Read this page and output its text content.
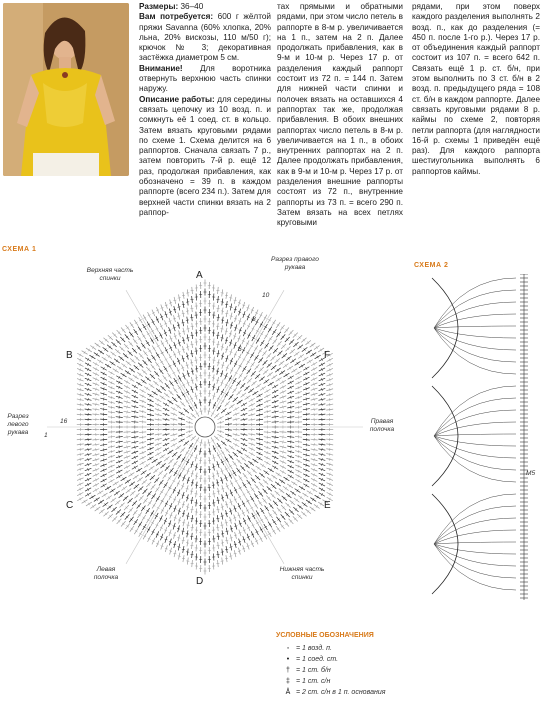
Размеры: 36–40

Вам потребуется: 600 г жёлтой пряжи Savanna (60% хлопка, 20% льна, 20% вискозы, 110 м/50 г); крючок № 3; декоративная застёжка диаметром 5 см.

Внимание! Для воротника отвернуть верхнюю часть спинки наружу.

Описание работы: для середины связать цепочку из 10 возд. п. и сомкнуть её 1 соед. ст. в кольцо. Затем вязать круговыми рядами по схеме 1. Схема делится на 6 раппортов. Сначала связать 7 р., затем повторить 7-й р. ещё 12 раз, продолжая прибавления, как обозначено = 39 п. в каждом раппорте (всего 234 п.). Затем для верхней части спинки вязать на 2 раппор-

тах прямыми и обратными рядами, при этом число петель в раппорте в 8-м р. увеличивается на 1 п., затем на 2 п. Далее продолжать прибавления, как в 9-м и 10-м р. Через 17 р. от разделения каждый раппорт состоит из 72 п. = 144 п. Затем для нижней части спинки и полочек вязать на оставшихся 4 раппортах так же, продолжая прибавления. В обоих внешних раппортах число петель в 8-м р. увеличивается на 1 п., в обоих внутренних раппортах на 2 п. Далее продолжать прибавления, как в 9-м и 10-м р. Через 17 р. от разделения внешние раппорты состоят из 72 п., внутренние раппорты из 73 п. = всего 290 п. Затем вязать на всех петлях круговыми

рядами, при этом поверх каждого разделения выполнять 2 возд. п., как до разделения (= 450 п. после 1-го р.). Через 17 р. от объединения каждый раппорт состоит из 107 п. = всего 642 п. Связать ещё 1 р. ст. б/н, при этом выполнить по 3 ст. б/н в 2 возд. п. предыдущего ряда = 108 ст. б/н в каждом раппорте. Далее связать круговыми рядами 8 р. каймы по схеме 2, повторяя петли раппорта (для наглядности 16-й р. схемы 1 приведён ещё раз). Для каждого раппорта шестиугольника выполнять 6 раппортов каймы.

СХЕМА 1
Верхняя часть спинки
Разрез правого рукава
Разрез левого рукава
Правая полочка
Левая полочка
Нижняя часть спинки
A
B
C
D
E
F
10
8
6
1
16
СХЕМА 2
M5
УСЛОВНЫЕ ОБОЗНАЧЕНИЯ
◦ = 1 возд. п.
• = 1 соед. ст.
† = 1 ст. б/н
‡ = 1 ст. с/н
Å = 2 ст. с/н в 1 п. основания
